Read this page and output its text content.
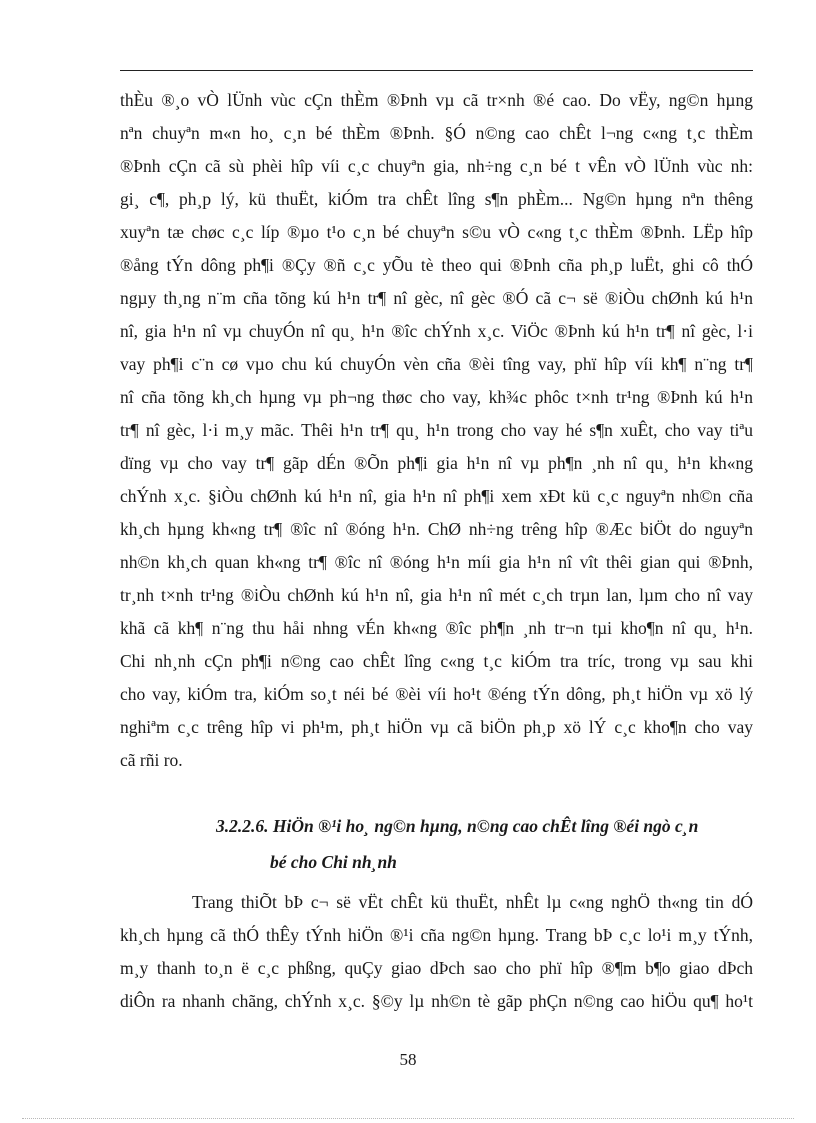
thÈu ®¸o vÒ lÜnh vùc cÇn thÈm ®Þnh vµ cã tr×nh ®é cao. Do vËy, ng©n hµng
nªn chuyªn m«n ho¸ c¸n bé thÈm ®Þnh. §Ó n©ng cao chÊt l¬ng c«ng t¸c thÈm
®Þnh cÇn cã sù phèi hîp víi c¸c chuyªn gia, nh÷ng c¸n bé t vÊn vÒ lÜnh vùc nh:
gi¸ c¶, ph¸p lý, kü thuËt, kiÓm tra chÊt lîng s¶n phÈm... Ng©n hµng nªn thêng
xuyªn tæ chøc c¸c líp ®µo t¹o c¸n bé chuyªn s©u vÒ c«ng t¸c thÈm ®Þnh. LËp hîp
®ång tÝn dông ph¶i ®Çy ®ñ c¸c yÕu tè theo qui ®Þnh cña ph¸p luËt, ghi cô thÓ
ngµy th¸ng n¨m cña tõng kú h¹n tr¶ nî gèc, nî gèc ®Ó cã c¬ së ®iÒu chØnh kú h¹n
nî, gia h¹n nî vµ chuyÓn nî qu¸ h¹n ®îc chÝnh x¸c. ViÖc ®Þnh kú h¹n tr¶ nî gèc, l·i
vay ph¶i c¨n cø vµo chu kú chuyÓn vèn cña ®èi tîng vay, phï hîp víi kh¶ n¨ng tr¶
nî cña tõng kh¸ch hµng vµ ph¬ng thøc cho vay, kh¾c phôc t×nh tr¹ng ®Þnh kú h¹n
tr¶ nî gèc, l·i m¸y mãc. Thêi h¹n tr¶ qu¸ h¹n trong cho vay hé s¶n xuÊt, cho vay tiªu
dïng vµ cho vay tr¶ gãp dÉn ®Õn ph¶i gia h¹n nî vµ ph¶n ¸nh nî qu¸ h¹n kh«ng
chÝnh x¸c. §iÒu chØnh kú h¹n nî, gia h¹n nî ph¶i xem xÐt kü c¸c nguyªn nh©n cña
kh¸ch hµng kh«ng tr¶ ®îc nî ®óng h¹n. ChØ nh÷ng trêng hîp ®Æc biÖt do nguyªn
nh©n kh¸ch quan kh«ng tr¶ ®îc nî ®óng h¹n míi gia h¹n nî vît thêi gian qui ®Þnh,
tr¸nh t×nh tr¹ng ®iÒu chØnh kú h¹n nî, gia h¹n nî mét c¸ch trµn lan, lµm cho nî vay
khã cã kh¶ n¨ng thu håi nhng vÉn kh«ng ®îc ph¶n ¸nh tr¬n tµi kho¶n nî qu¸ h¹n.
Chi nh¸nh cÇn ph¶i n©ng cao chÊt lîng c«ng t¸c kiÓm tra tríc, trong vµ sau khi
cho vay, kiÓm tra, kiÓm so¸t néi bé ®èi víi ho¹t ®éng tÝn dông, ph¸t hiÖn vµ xö lý
nghiªm c¸c trêng hîp vi ph¹m, ph¸t hiÖn vµ cã biÖn ph¸p xö lÝ c¸c kho¶n cho vay
cã rñi ro.
3.2.2.6. HiÖn ®¹i ho¸ ng©n hµng, n©ng cao chÊt lîng ®éi ngò c¸n
bé cho Chi nh¸nh
Trang thiÕt bÞ c¬ së vËt chÊt kü thuËt, nhÊt lµ c«ng nghÖ th«ng tin dÓ
kh¸ch hµng cã thÓ thÊy tÝnh hiÖn ®¹i cña ng©n hµng. Trang bÞ c¸c lo¹i m¸y tÝnh,
m¸y thanh to¸n ë c¸c phßng, quÇy giao dÞch sao cho phï hîp ®¶m b¶o giao dÞch
diÔn ra nhanh chãng, chÝnh x¸c. §©y lµ nh©n tè gãp phÇn n©ng cao hiÖu qu¶ ho¹t
58
